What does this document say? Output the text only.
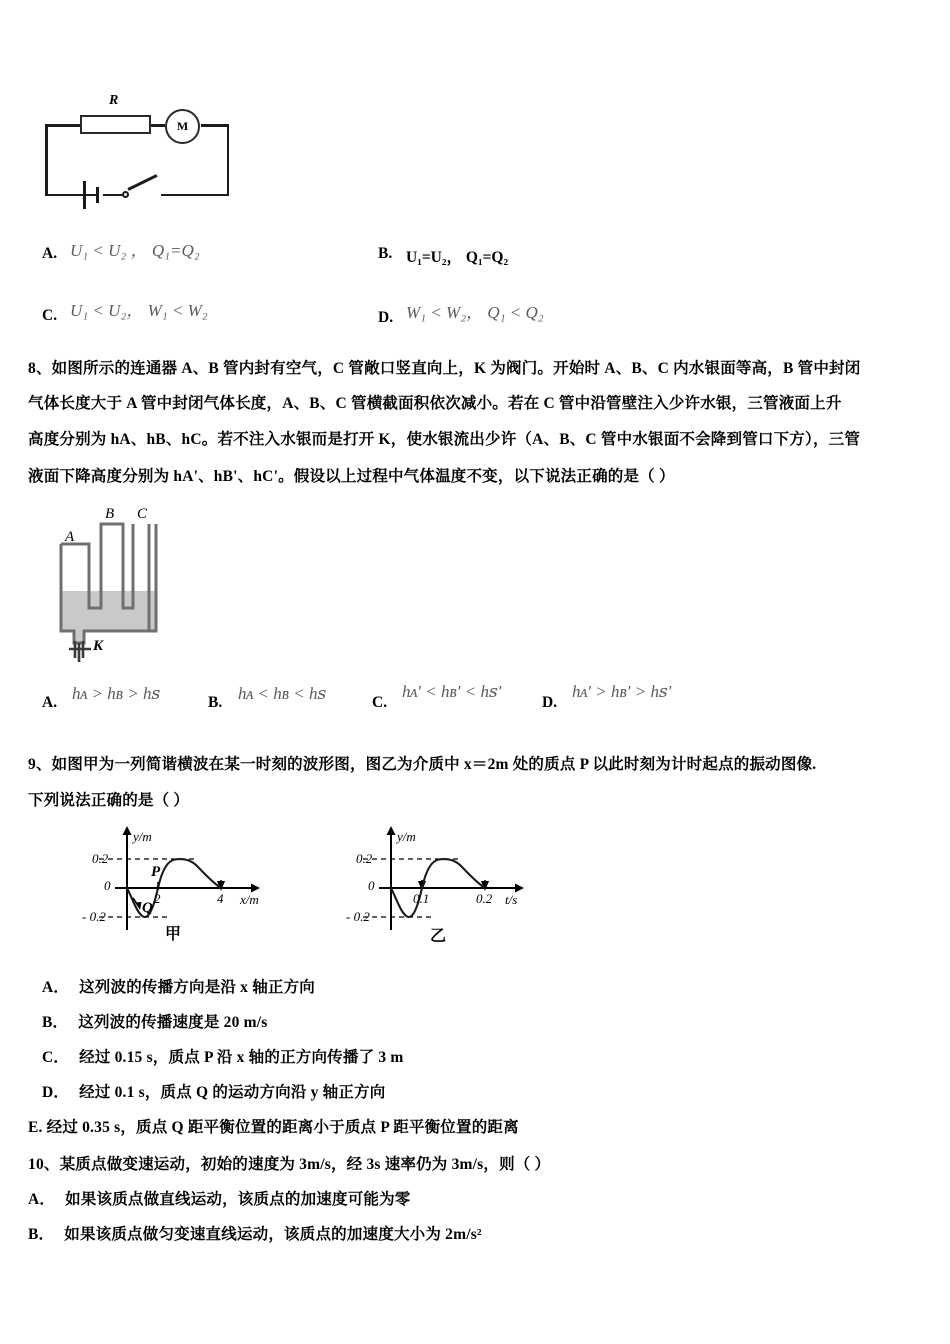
R
M
A. U₁ < U₂ ， Q₁=Q₂	B. U₁=U₂， Q₁=Q₂
C. U₁ < U₂， W₁ < W₂	D. W₁ < W₂， Q₁ < Q₂
8、如图所示的连通器 A、B 管内封有空气，C 管敞口竖直向上，K 为阀门。开始时 A、B、C 内水银面等高，B 管中封闭
气体长度大于 A 管中封闭气体长度，A、B、C 管横截面积依次减小。若在 C 管中沿管壁注入少许水银，三管液面上升
高度分别为 hA、hB、hC。若不注入水银而是打开 K，使水银流出少许（A、B、C 管中水银面不会降到管口下方），三管
液面下降高度分别为 hA'、hB'、hC'。假设以上过程中气体温度不变，以下说法正确的是（ ）
A
B C
K
A. hᴀ > hʙ > hꜱ	B. hᴀ < hʙ < hꜱ	C.
hᴀ′ < hʙ′ < hꜱ′
D.
hᴀ′ > hʙ′ > hꜱ′
9、如图甲为一列简谐横波在某一时刻的波形图，图乙为介质中 x＝2m 处的质点 P 以此时刻为计时起点的振动图像.
下列说法正确的是（ ）
y/m
x/m
0.2
- 0.2
0
2	4
P
Q
甲
y/m
t/s
0.2
- 0.2
0
0.1	0.2
乙
A． 这列波的传播方向是沿 x 轴正方向
B． 这列波的传播速度是 20 m/s
C． 经过 0.15 s，质点 P 沿 x 轴的正方向传播了 3 m
D． 经过 0.1 s，质点 Q 的运动方向沿 y 轴正方向
E. 经过 0.35 s，质点 Q 距平衡位置的距离小于质点 P 距平衡位置的距离
10、某质点做变速运动，初始的速度为 3m/s，经 3s 速率仍为 3m/s，则（ ）
A． 如果该质点做直线运动，该质点的加速度可能为零
B． 如果该质点做匀变速直线运动，该质点的加速度大小为 2m/s²
